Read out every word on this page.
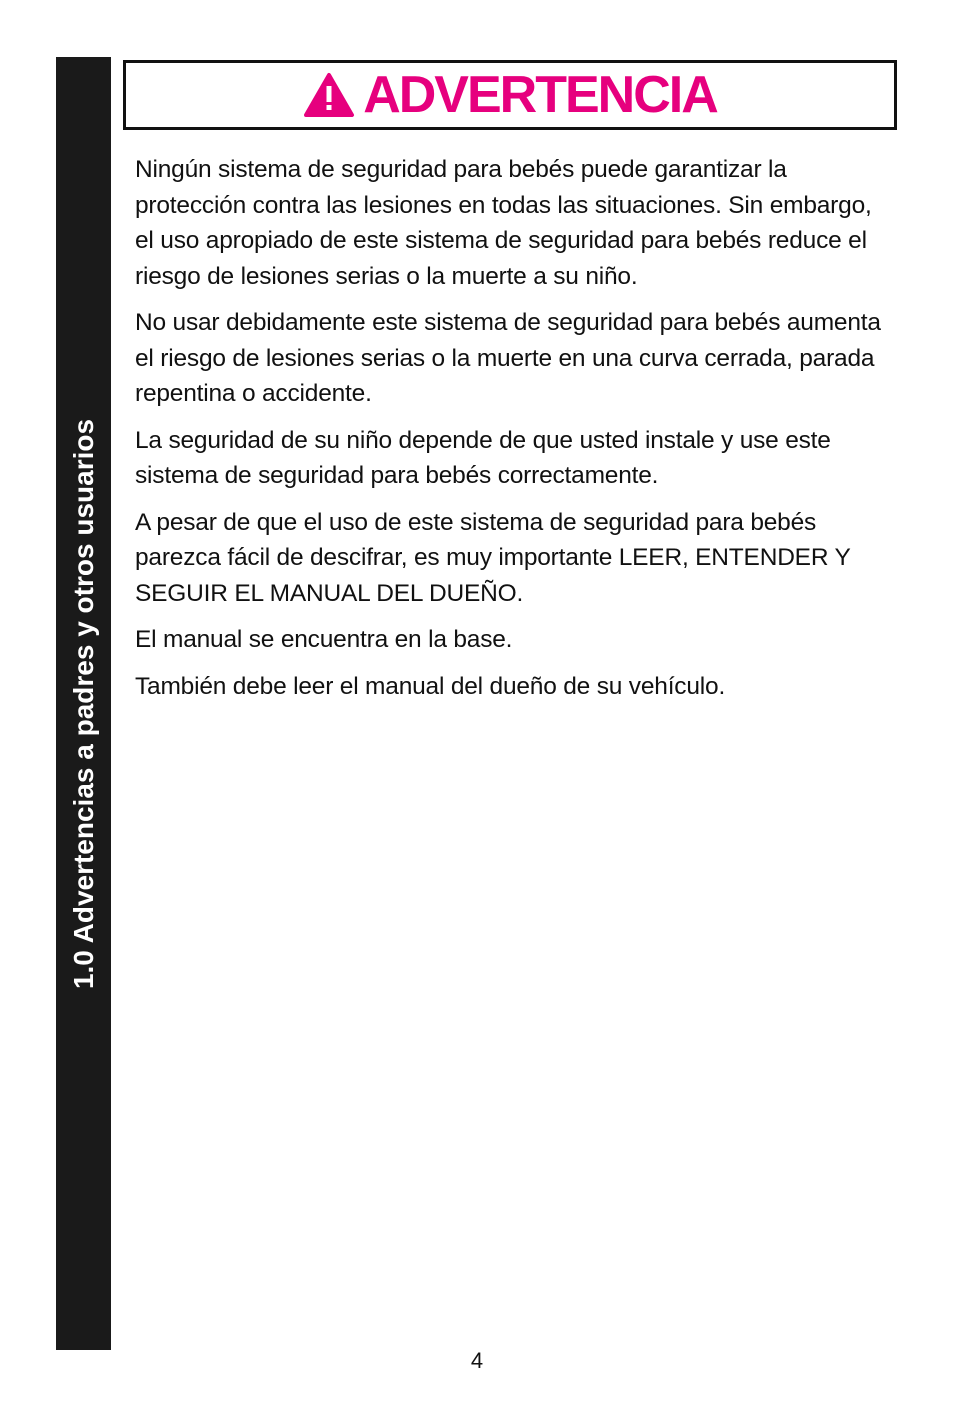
1.0 Advertencias a padres y otros usuarios
ADVERTENCIA

Ningún sistema de seguridad para bebés puede garantizar la protección contra las lesiones en todas las situaciones. Sin embargo, el uso apropiado de este sistema de seguridad para bebés reduce el riesgo de lesiones serias o la muerte a su niño.

No usar debidamente este sistema de seguridad para bebés aumenta el riesgo de lesiones serias o la muerte en una curva cerrada, parada repentina o accidente.

La seguridad de su niño depende de que usted instale y use este sistema de seguridad para bebés correctamente.

A pesar de que el uso de este sistema de seguridad para bebés parezca fácil de descifrar, es muy importante LEER, ENTENDER Y SEGUIR EL MANUAL DEL DUEÑO.

El manual se encuentra en la base.

También debe leer el manual del dueño de su vehículo.

4
